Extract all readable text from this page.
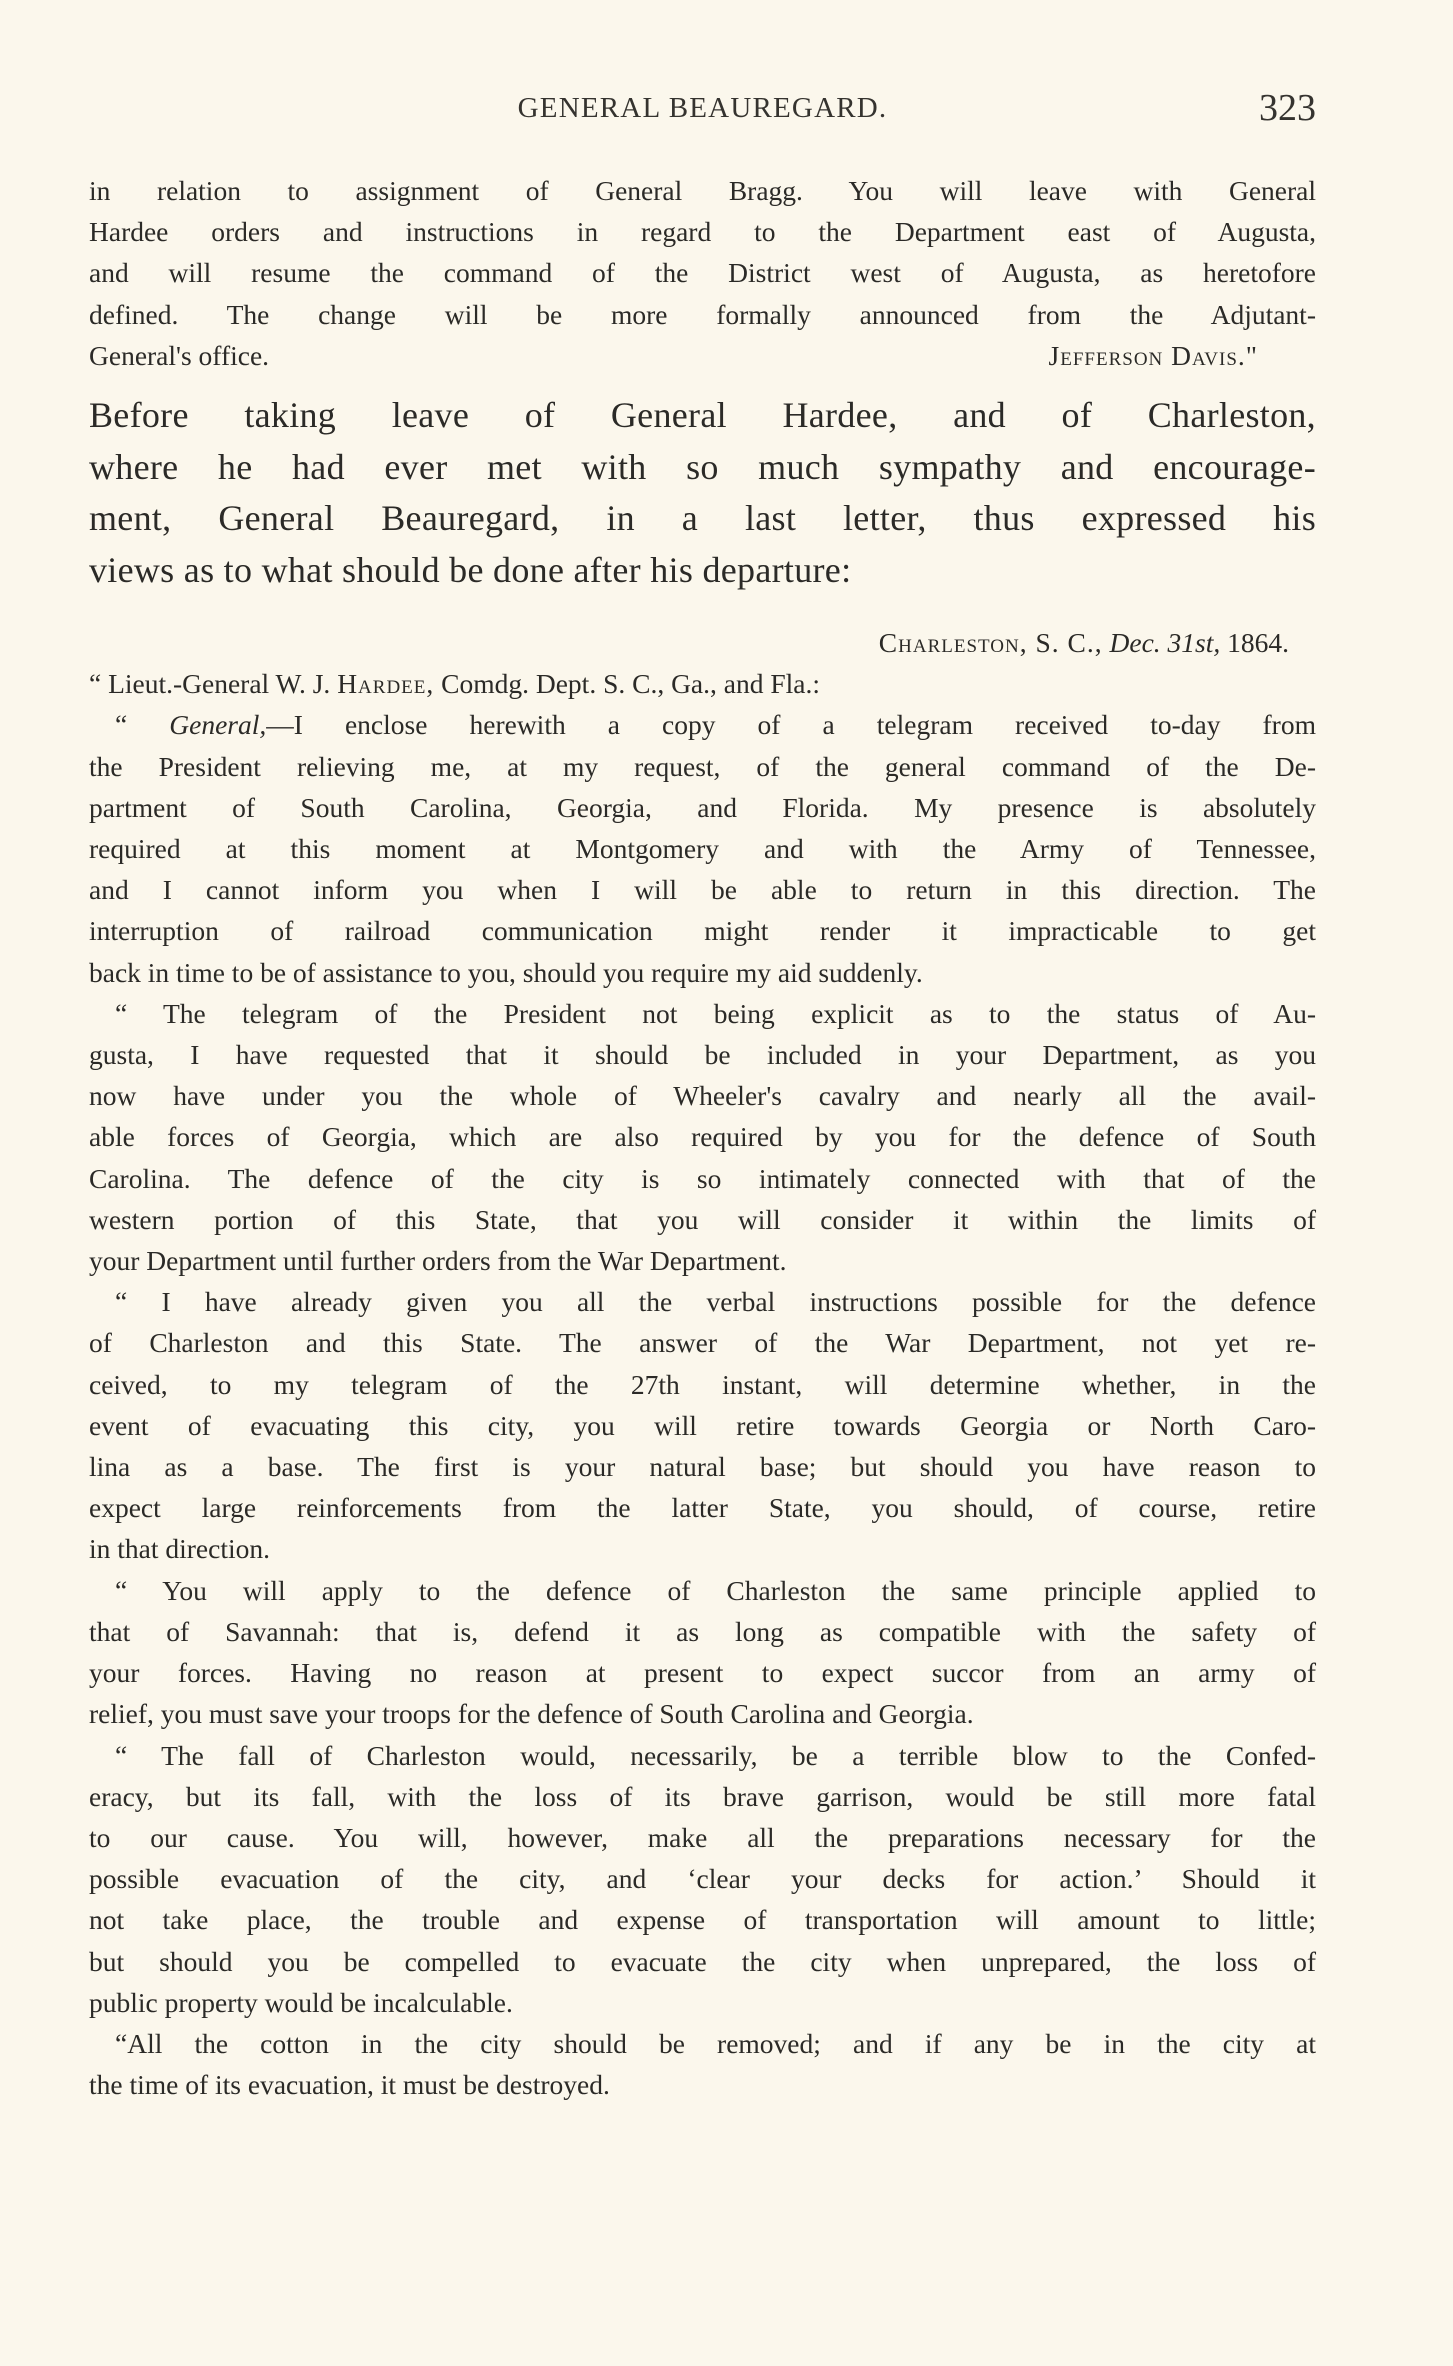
GENERAL BEAUREGARD.	323
in relation to assignment of General Bragg. You will leave with General
Hardee orders and instructions in regard to the Department east of Augusta,
and will resume the command of the District west of Augusta, as heretofore
defined. The change will be more formally announced from the Adjutant-
General's office.	Jefferson Davis."
Before taking leave of General Hardee, and of Charleston,
where he had ever met with so much sympathy and encourage-
ment, General Beauregard, in a last letter, thus expressed his
views as to what should be done after his departure:
Charleston, S. C., Dec. 31st, 1864.
“ Lieut.-General W. J. Hardee, Comdg. Dept. S. C., Ga., and Fla.:
“ General,—I enclose herewith a copy of a telegram received to-day from
the President relieving me, at my request, of the general command of the De-
partment of South Carolina, Georgia, and Florida. My presence is absolutely
required at this moment at Montgomery and with the Army of Tennessee,
and I cannot inform you when I will be able to return in this direction. The
interruption of railroad communication might render it impracticable to get
back in time to be of assistance to you, should you require my aid suddenly.
“ The telegram of the President not being explicit as to the status of Au-
gusta, I have requested that it should be included in your Department, as you
now have under you the whole of Wheeler's cavalry and nearly all the avail-
able forces of Georgia, which are also required by you for the defence of South
Carolina. The defence of the city is so intimately connected with that of the
western portion of this State, that you will consider it within the limits of
your Department until further orders from the War Department.
“ I have already given you all the verbal instructions possible for the defence
of Charleston and this State. The answer of the War Department, not yet re-
ceived, to my telegram of the 27th instant, will determine whether, in the
event of evacuating this city, you will retire towards Georgia or North Caro-
lina as a base. The first is your natural base; but should you have reason to
expect large reinforcements from the latter State, you should, of course, retire
in that direction.
“ You will apply to the defence of Charleston the same principle applied to
that of Savannah: that is, defend it as long as compatible with the safety of
your forces. Having no reason at present to expect succor from an army of
relief, you must save your troops for the defence of South Carolina and Georgia.
“ The fall of Charleston would, necessarily, be a terrible blow to the Confed-
eracy, but its fall, with the loss of its brave garrison, would be still more fatal
to our cause. You will, however, make all the preparations necessary for the
possible evacuation of the city, and ‘clear your decks for action.’ Should it
not take place, the trouble and expense of transportation will amount to little;
but should you be compelled to evacuate the city when unprepared, the loss of
public property would be incalculable.
“All the cotton in the city should be removed; and if any be in the city at
the time of its evacuation, it must be destroyed.
